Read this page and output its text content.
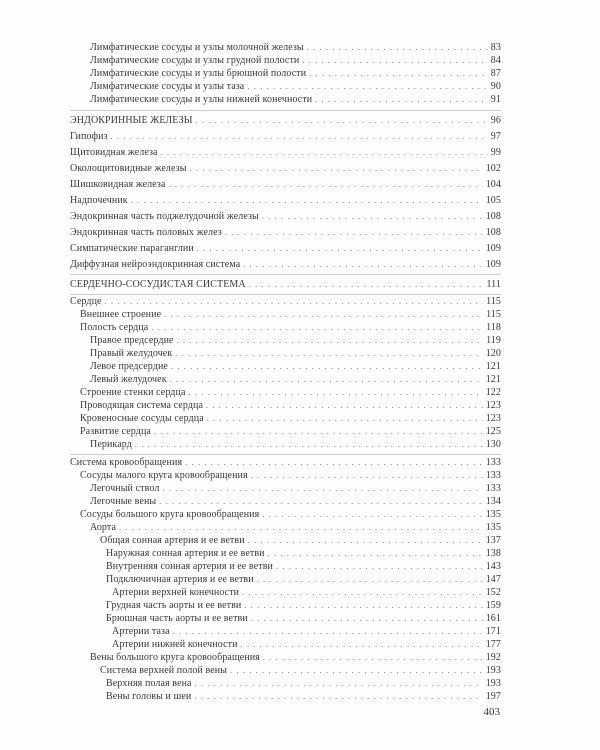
Лимфатические сосуды и узлы молочной железы . . .	83
Лимфатические сосуды и узлы грудной полости . . .	84
Лимфатические сосуды и узлы брюшной полости . . .	87
Лимфатические сосуды и узлы таза . . .	90
Лимфатические сосуды и узлы нижней конечности . . .	91
ЭНДОКРИННЫЕ ЖЕЛЕЗЫ . . .	96
Гипофиз . . .	97
Щитовидная железа . . .	99
Околощитовидные железы . . .	102
Шишковидная железа . . .	104
Надпочечник . . .	105
Эндокринная часть поджелудочной железы . . .	108
Эндокринная часть половых желез . . .	108
Симпатические параганглии . . .	109
Диффузная нейроэндокринная система . . .	109
СЕРДЕЧНО-СОСУДИСТАЯ СИСТЕМА . . .	111
Сердце . . .	115
Внешнее строение . . .	115
Полость сердца . . .	118
Правое предсердие . . .	119
Правый желудочек . . .	120
Левое предсердие . . .	121
Левый желудочек . . .	121
Строение стенки сердца . . .	122
Проводящая система сердца . . .	123
Кровеносные сосуды сердца . . .	123
Развитие сердца . . .	125
Перикард . . .	130
Система кровообращения . . .	133
Сосуды малого круга кровообращения . . .	133
Легочный ствол . . .	133
Легочные вены . . .	134
Сосуды большого круга кровообращения . . .	135
Аорта . . .	135
Общая сонная артерия и ее ветви . . .	137
Наружная сонная артерия и ее ветви . . .	138
Внутренняя сонная артерия и ее ветви . . .	143
Подключичная артерия и ее ветви . . .	147
Артерии верхней конечности . . .	152
Грудная часть аорты и ее ветви . . .	159
Брюшная часть аорты и ее ветви . . .	161
Артерии таза . . .	171
Артерии нижней конечности . . .	177
Вены большого круга кровообращения . . .	192
Система верхней полой вены . . .	193
Верхняя полая вена . . .	193
Вены головы и шеи . . .	197
403
